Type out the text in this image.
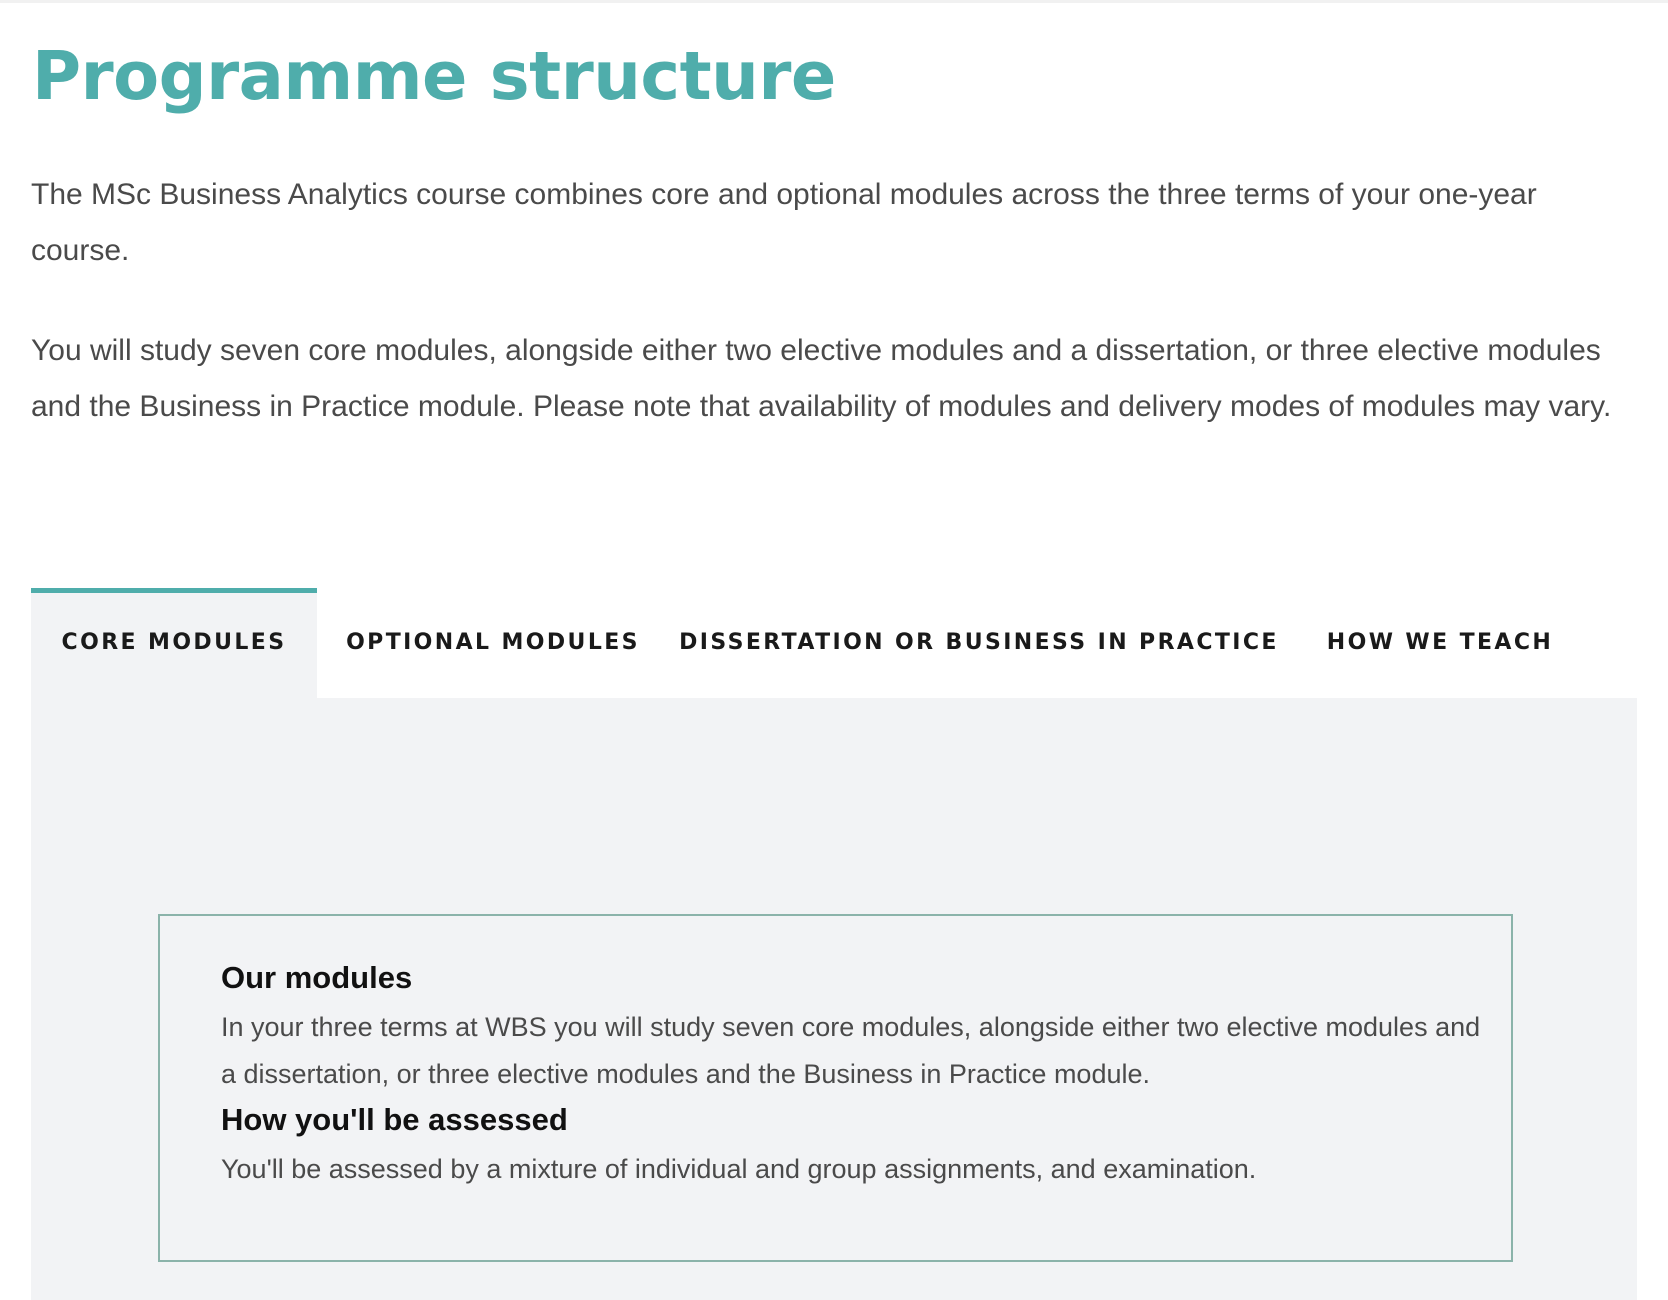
Programme structure

The MSc Business Analytics course combines core and optional modules across the three terms of your one-year course.

You will study seven core modules, alongside either two elective modules and a dissertation, or three elective modules and the Business in Practice module. Please note that availability of modules and delivery modes of modules may vary.

CORE MODULES	OPTIONAL MODULES	DISSERTATION OR BUSINESS IN PRACTICE	HOW WE TEACH
Our modules

In your three terms at WBS you will study seven core modules, alongside either two elective modules and a dissertation, or three elective modules and the Business in Practice module.

How you'll be assessed

You'll be assessed by a mixture of individual and group assignments, and examination.
